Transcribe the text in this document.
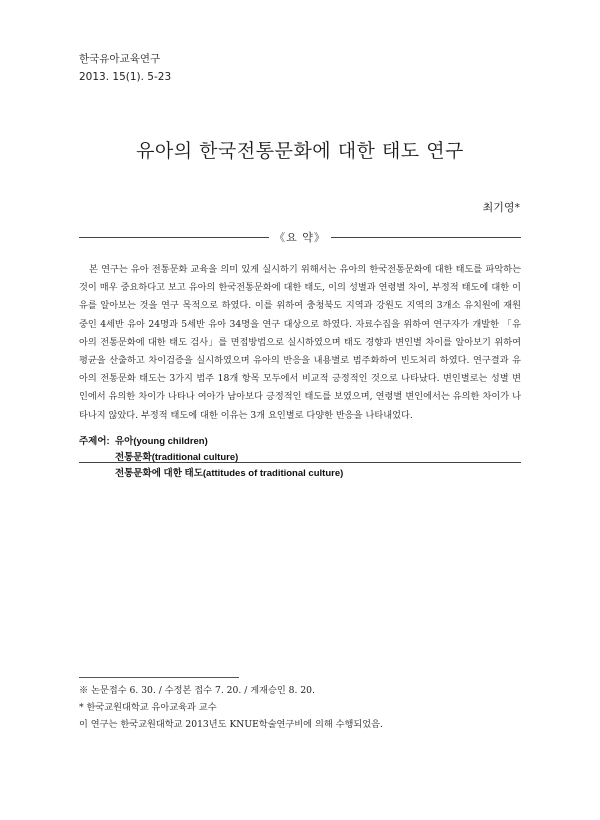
한국유아교육연구
2013. 15(1). 5-23
유아의 한국전통문화에 대한 태도 연구
최기영*
《요 약》
본 연구는 유아 전통문화 교육을 의미 있게 실시하기 위해서는 유아의 한국전통문화에 대한 태도를 파악하는 것이 매우 중요하다고 보고 유아의 한국전통문화에 대한 태도, 이의 성별과 연령별 차이, 부정적 태도에 대한 이유를 알아보는 것을 연구 목적으로 하였다. 이를 위하여 충청북도 지역과 강원도 지역의 3개소 유치원에 재원 중인 4세반 유아 24명과 5세반 유아 34명을 연구 대상으로 하였다. 자료수집을 위하여 연구자가 개발한 「유아의 전통문화에 대한 태도 검사」를 면접방법으로 실시하였으며 태도 경향과 변인별 차이를 알아보기 위하여 평균을 산출하고 차이검증을 실시하였으며 유아의 반응을 내용별로 범주화하여 빈도처리 하였다. 연구결과 유아의 전통문화 태도는 3가지 범주 18개 항목 모두에서 비교적 긍정적인 것으로 나타났다. 변인별로는 성별 변인에서 유의한 차이가 나타나 여아가 남아보다 긍정적인 태도를 보였으며, 연령별 변인에서는 유의한 차이가 나타나지 않았다. 부정적 태도에 대한 이유는 3개 요인별로 다양한 반응을 나타내었다.
주제어: 유아(young children)
전통문화(traditional culture)
전통문화에 대한 태도(attitudes of traditional culture)
※ 논문접수 6. 30. / 수정본 접수 7. 20. / 게재승인 8. 20.
* 한국교원대학교 유아교육과 교수
이 연구는 한국교원대학교 2013년도 KNUE학술연구비에 의해 수행되었음.
